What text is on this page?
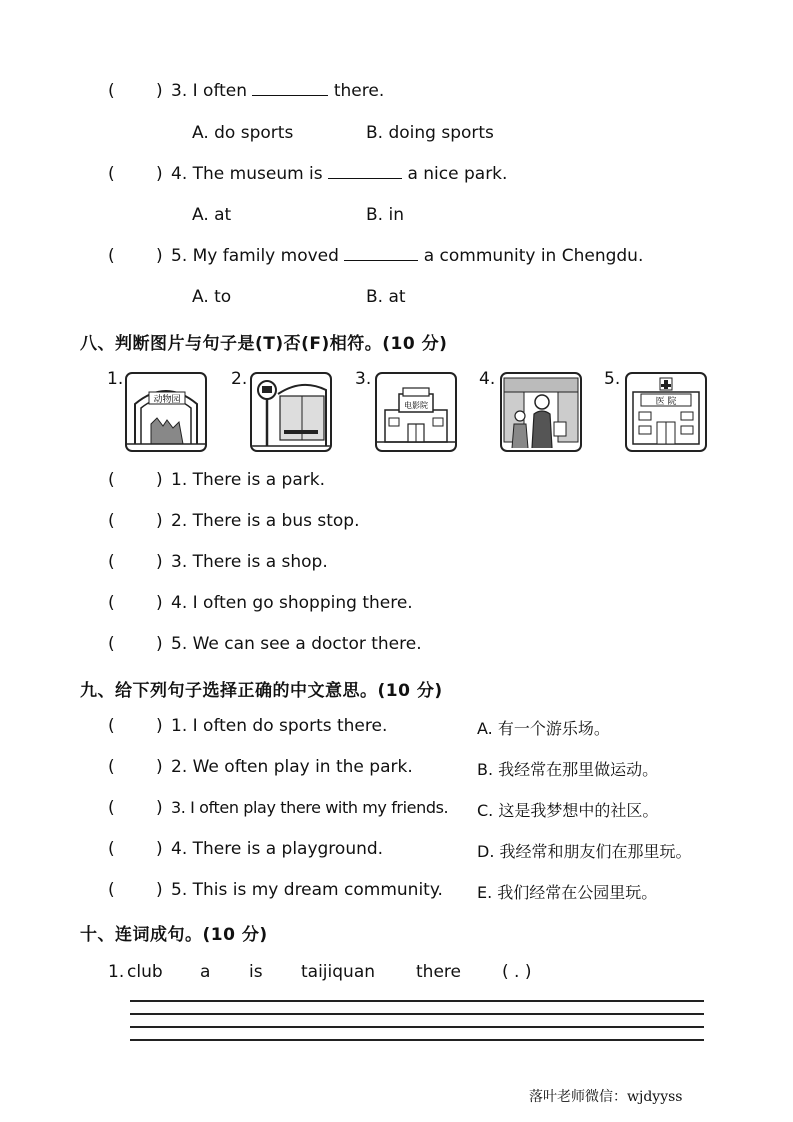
( ) 3. I often	there.
A. do sports	B. doing sports
( ) 4. The museum is	a nice park.
A. at	B. in
( ) 5. My family moved	a community in Chengdu.
A. to	B. at
八、判断图片与句子是(T)否(F)相符。(10 分)
1.
动物园
2.	3.
电影院
4.	5.
医 院
( ) 1. There is a park.
( ) 2. There is a bus stop.
( ) 3. There is a shop.
( ) 4. I often go shopping there.
( ) 5. We can see a doctor there.
九、给下列句子选择正确的中文意思。(10 分)
( ) 1. I often do sports there.	A. 有一个游乐场。
( ) 2. We often play in the park.	B. 我经常在那里做运动。
( ) 3. I often play there with my friends. C. 这是我梦想中的社区。
( ) 4. There is a playground.	D. 我经常和朋友们在那里玩。
( ) 5. This is my dream community. E. 我们经常在公园里玩。
十、连词成句。(10 分)
1. club a is taijiquan there ( . )
落叶老师微信：wjdyyss
